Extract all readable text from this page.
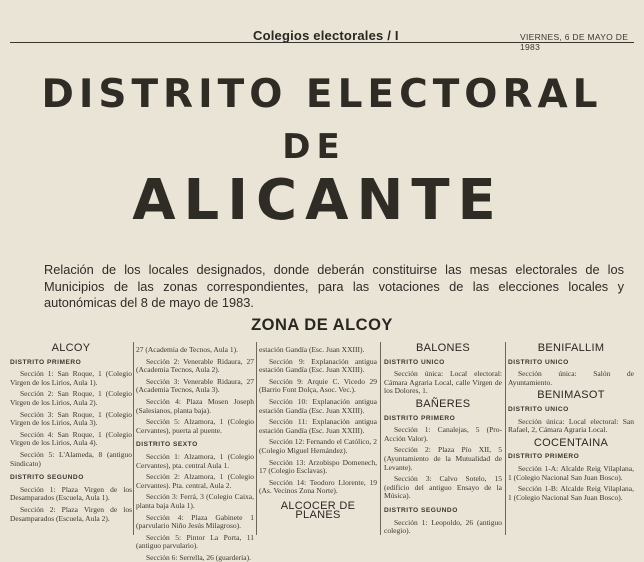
Colegios electorales / I	VIERNES, 6 DE MAYO DE 1983
DISTRITO ELECTORAL
DE
ALICANTE
Relación de los locales designados, donde deberán constituirse las mesas electorales de los Municipios de las zonas correspondientes, para las votaciones de las elecciones locales y autonómicas del 8 de mayo de 1983.
ZONA DE ALCOY
ALCOY
DISTRITO PRIMERO
Sección 1: San Roque, 1 (Colegio Virgen de los Lirios, Aula 1).
Sección 2: San Roque, 1 (Colegio Virgen de los Lirios, Aula 2).
Sección 3: San Roque, 1 (Colegio Virgen de los Lirios, Aula 3).
Sección 4: San Roque, 1 (Colegio Virgen de los Lirios, Aula 4).
Sección 5: L'Alameda, 8 (antiguo Sindicato)
DISTRITO SEGUNDO
Sección 1: Plaza Virgen de los Desamparados (Escuela, Aula 1).
Sección 2: Plaza Virgen de los Desamparados (Escuela, Aula 2).
27 (Academia de Tecnos, Aula 1).
Sección 2: Venerable Ridaura, 27 (Academia Tecnos, Aula 2).
Sección 3: Venerable Ridaura, 27 (Academia Tecnos, Aula 3).
Sección 4: Plaza Mosen Joseph (Salesianos, planta baja).
Sección 5: Alzamora, 1 (Colegio Cervantes), puerta al puente.
DISTRITO SEXTO
Sección 1: Alzamora, 1 (Colegio Cervantes), pta. central Aula 1.
Sección 2: Alzamora, 1 (Colegio Cervantes). Pta. central, Aula 2.
Sección 3: Ferrá, 3 (Colegio Caixa, planta baja Aula 1).
Sección 4: Plaza Gabinete 1 (parvulario Niño Jesús Milagroso).
Sección 5: Pintor La Porta, 11 (antiguo parvulario).
Sección 6: Serrella, 26 (guardería).
estación Gandía (Esc. Juan XXIII).
Sección 9: Explanación antigua estación Gandía (Esc. Juan XXIII).
Sección 9: Arquie C. Vicedo 29 (Barrio Font Dolça, Asoc. Vec.).
Sección 10: Explanación antigua estación Gandía (Esc. Juan XXIII).
Sección 11: Explanación antigua estación Gandía (Esc. Juan XXIII).
Sección 12: Fernando el Católico, 2 (Colegio Miguel Hernández).
Sección 13: Arzobispo Domenech, 17 (Colegio Esclavas).
Sección 14: Teodoro Llorente, 19 (As. Vecinos Zona Norte).
ALCOCER DE PLANES
BALONES
DISTRITO UNICO
Sección única: Local electoral: Cámara Agraria Local, calle Virgen de los Dolores, 1.
BAÑERES
DISTRITO PRIMERO
Sección 1: Canalejas, 5 (Pro-Acción Valor).
Sección 2: Plaza Pío XII, 5 (Ayuntamiento de la Mutualidad de Levante).
Sección 3: Calvo Sotelo, 15 (edificio del antiguo Ensayo de la Música).
DISTRITO SEGUNDO
Sección 1: Leopoldo, 26 (antiguo colegio).
BENIFALLIM
DISTRITO UNICO
Sección única: Salón de Ayuntamiento.
BENIMASOT
DISTRITO UNICO
Sección única: Local electoral: San Rafael, 2, Cámara Agraria Local.
COCENTAINA
DISTRITO PRIMERO
Sección 1-A: Alcalde Reig Vilaplana, 1 (Colegio Nacional San Juan Bosco).
Sección 1-B: Alcalde Reig Vilaplana, 1 (Colegio Nacional San Juan Bosco).
